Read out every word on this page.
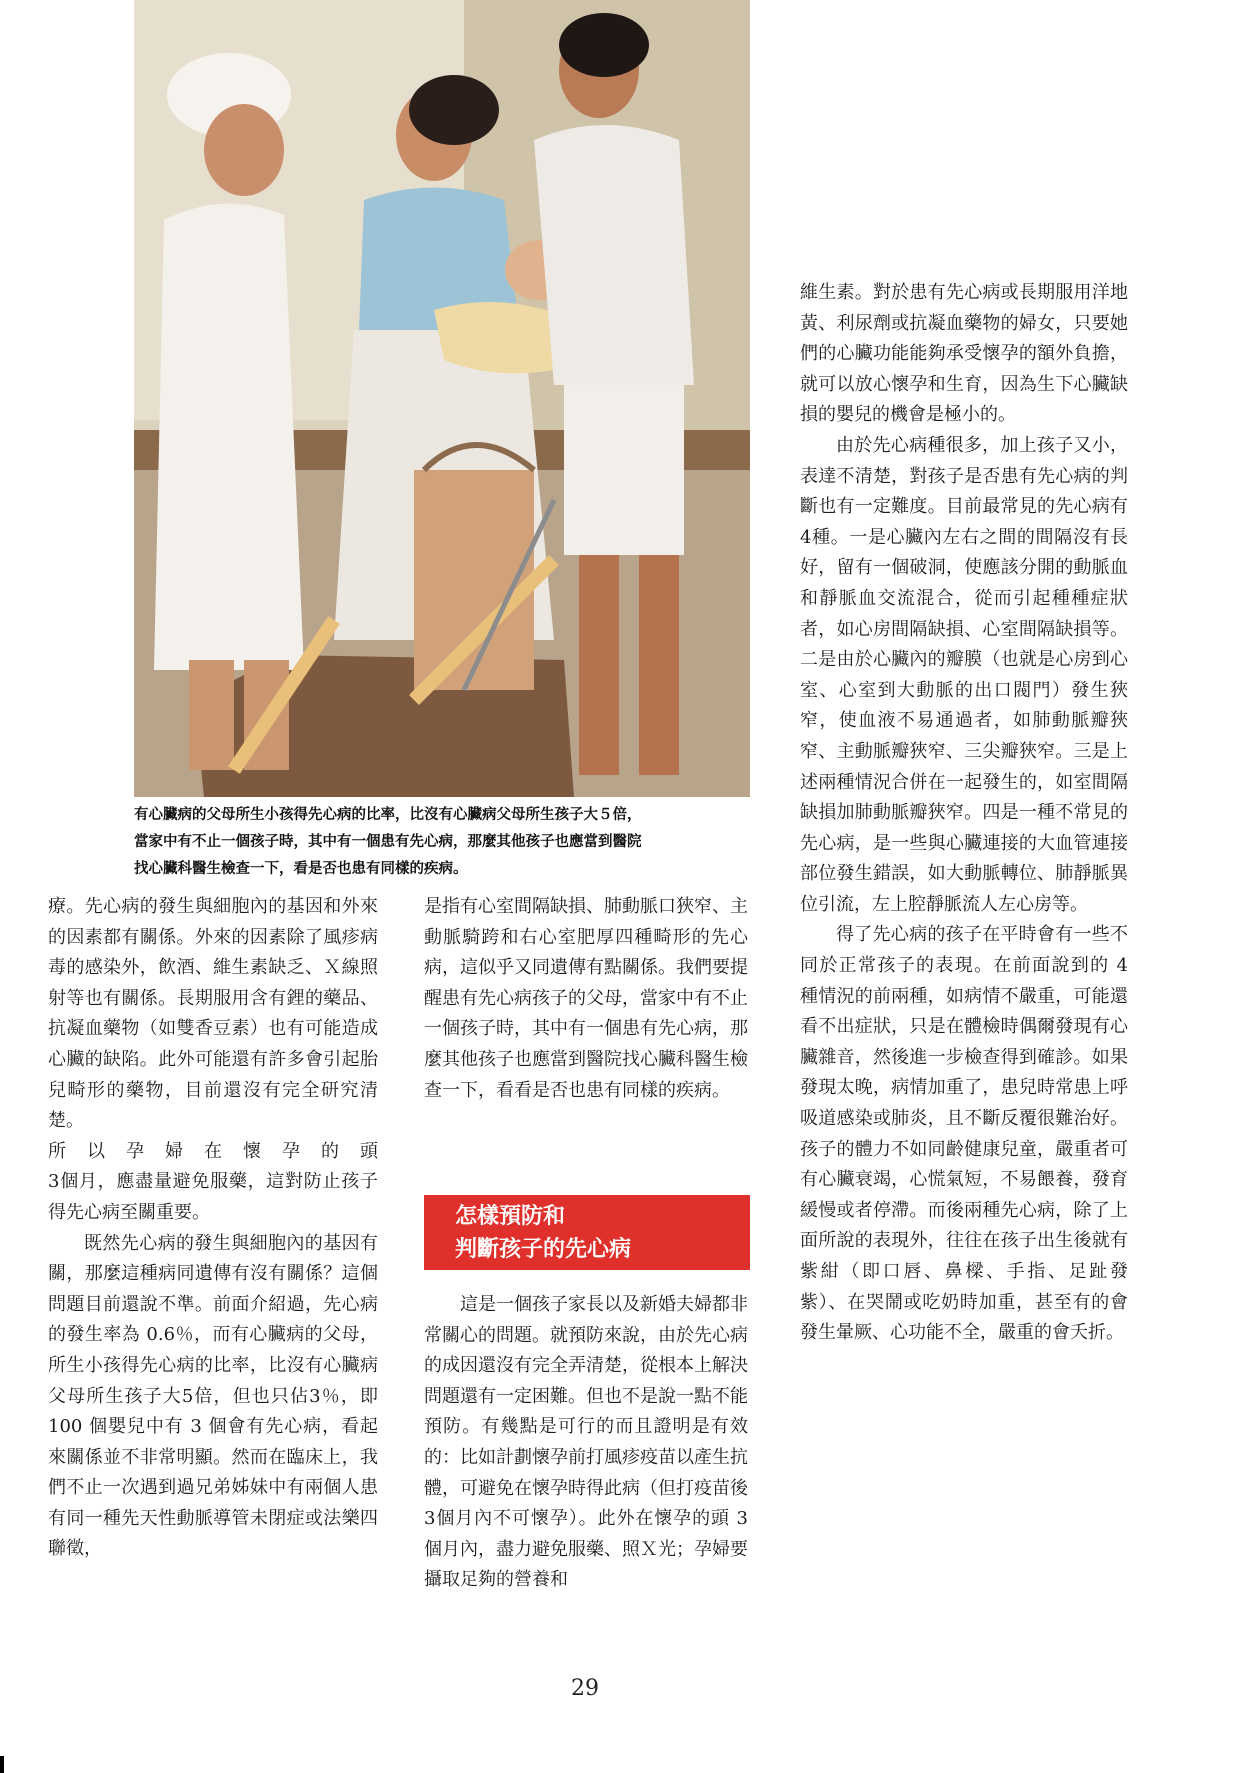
有心臟病的父母所生小孩得先心病的比率，比沒有心臟病父母所生孩子大５倍，

當家中有不止一個孩子時，其中有一個患有先心病，那麼其他孩子也應當到醫院

找心臟科醫生檢查一下，看是否也患有同樣的疾病。

療。先心病的發生與細胞內的基因和外來的因素都有關係。外來的因素除了風疹病毒的感染外，飲酒、維生素缺乏、Ｘ線照射等也有關係。長期服用含有鋰的藥品、抗凝血藥物（如雙香豆素）也有可能造成心臟的缺陷。此外可能還有許多會引起胎兒畸形的藥物，目前還沒有完全研究清楚。

所 以 孕 婦 在 懷 孕 的 頭

3個月，應盡量避免服藥，這對防止孩子得先心病至關重要。

既然先心病的發生與細胞內的基因有關，那麼這種病同遺傳有沒有關係？這個問題目前還說不準。前面介紹過，先心病的發生率為 0.6％，而有心臟病的父母，所生小孩得先心病的比率，比沒有心臟病父母所生孩子大5倍，但也只佔3％，即 100 個嬰兒中有 3 個會有先心病，看起來關係並不非常明顯。然而在臨床上，我們不止一次遇到過兄弟姊妹中有兩個人患有同一種先天性動脈導管未閉症或法樂四聯徵，

是指有心室間隔缺損、肺動脈口狹窄、主動脈騎跨和右心室肥厚四種畸形的先心病，這似乎又同遺傳有點關係。我們要提醒患有先心病孩子的父母，當家中有不止一個孩子時，其中有一個患有先心病，那麼其他孩子也應當到醫院找心臟科醫生檢查一下，看看是否也患有同樣的疾病。

怎樣預防和
判斷孩子的先心病

這是一個孩子家長以及新婚夫婦都非常關心的問題。就預防來說，由於先心病的成因還沒有完全弄清楚，從根本上解決問題還有一定困難。但也不是說一點不能預防。有幾點是可行的而且證明是有效的：比如計劃懷孕前打風疹疫苗以產生抗體，可避免在懷孕時得此病（但打疫苗後3個月內不可懷孕）。此外在懷孕的頭 3 個月內，盡力避免服藥、照Ｘ光；孕婦要攝取足夠的營養和

維生素。對於患有先心病或長期服用洋地黃、利尿劑或抗凝血藥物的婦女，只要她們的心臟功能能夠承受懷孕的額外負擔，就可以放心懷孕和生育，因為生下心臟缺損的嬰兒的機會是極小的。

由於先心病種很多，加上孩子又小，表達不清楚，對孩子是否患有先心病的判斷也有一定難度。目前最常見的先心病有4種。一是心臟內左右之間的間隔沒有長好，留有一個破洞，使應該分開的動脈血和靜脈血交流混合，從而引起種種症狀者，如心房間隔缺損、心室間隔缺損等。二是由於心臟內的瓣膜（也就是心房到心室、心室到大動脈的出口閥門）發生狹窄，使血液不易通過者，如肺動脈瓣狹窄、主動脈瓣狹窄、三尖瓣狹窄。三是上述兩種情況合併在一起發生的，如室間隔缺損加肺動脈瓣狹窄。四是一種不常見的先心病，是一些與心臟連接的大血管連接部位發生錯誤，如大動脈轉位、肺靜脈異位引流，左上腔靜脈流人左心房等。

得了先心病的孩子在平時會有一些不同於正常孩子的表現。在前面說到的 4 種情況的前兩種，如病情不嚴重，可能還看不出症狀，只是在體檢時偶爾發現有心臟雜音，然後進一步檢查得到確診。如果發現太晚，病情加重了，患兒時常患上呼吸道感染或肺炎，且不斷反覆很難治好。孩子的體力不如同齡健康兒童，嚴重者可有心臟衰竭，心慌氣短，不易餵養，發育緩慢或者停滯。而後兩種先心病，除了上面所說的表現外，往往在孩子出生後就有紫紺（即口唇、鼻樑、手指、足趾發紫）、在哭鬧或吃奶時加重，甚至有的會發生暈厥、心功能不全，嚴重的會夭折。

29
